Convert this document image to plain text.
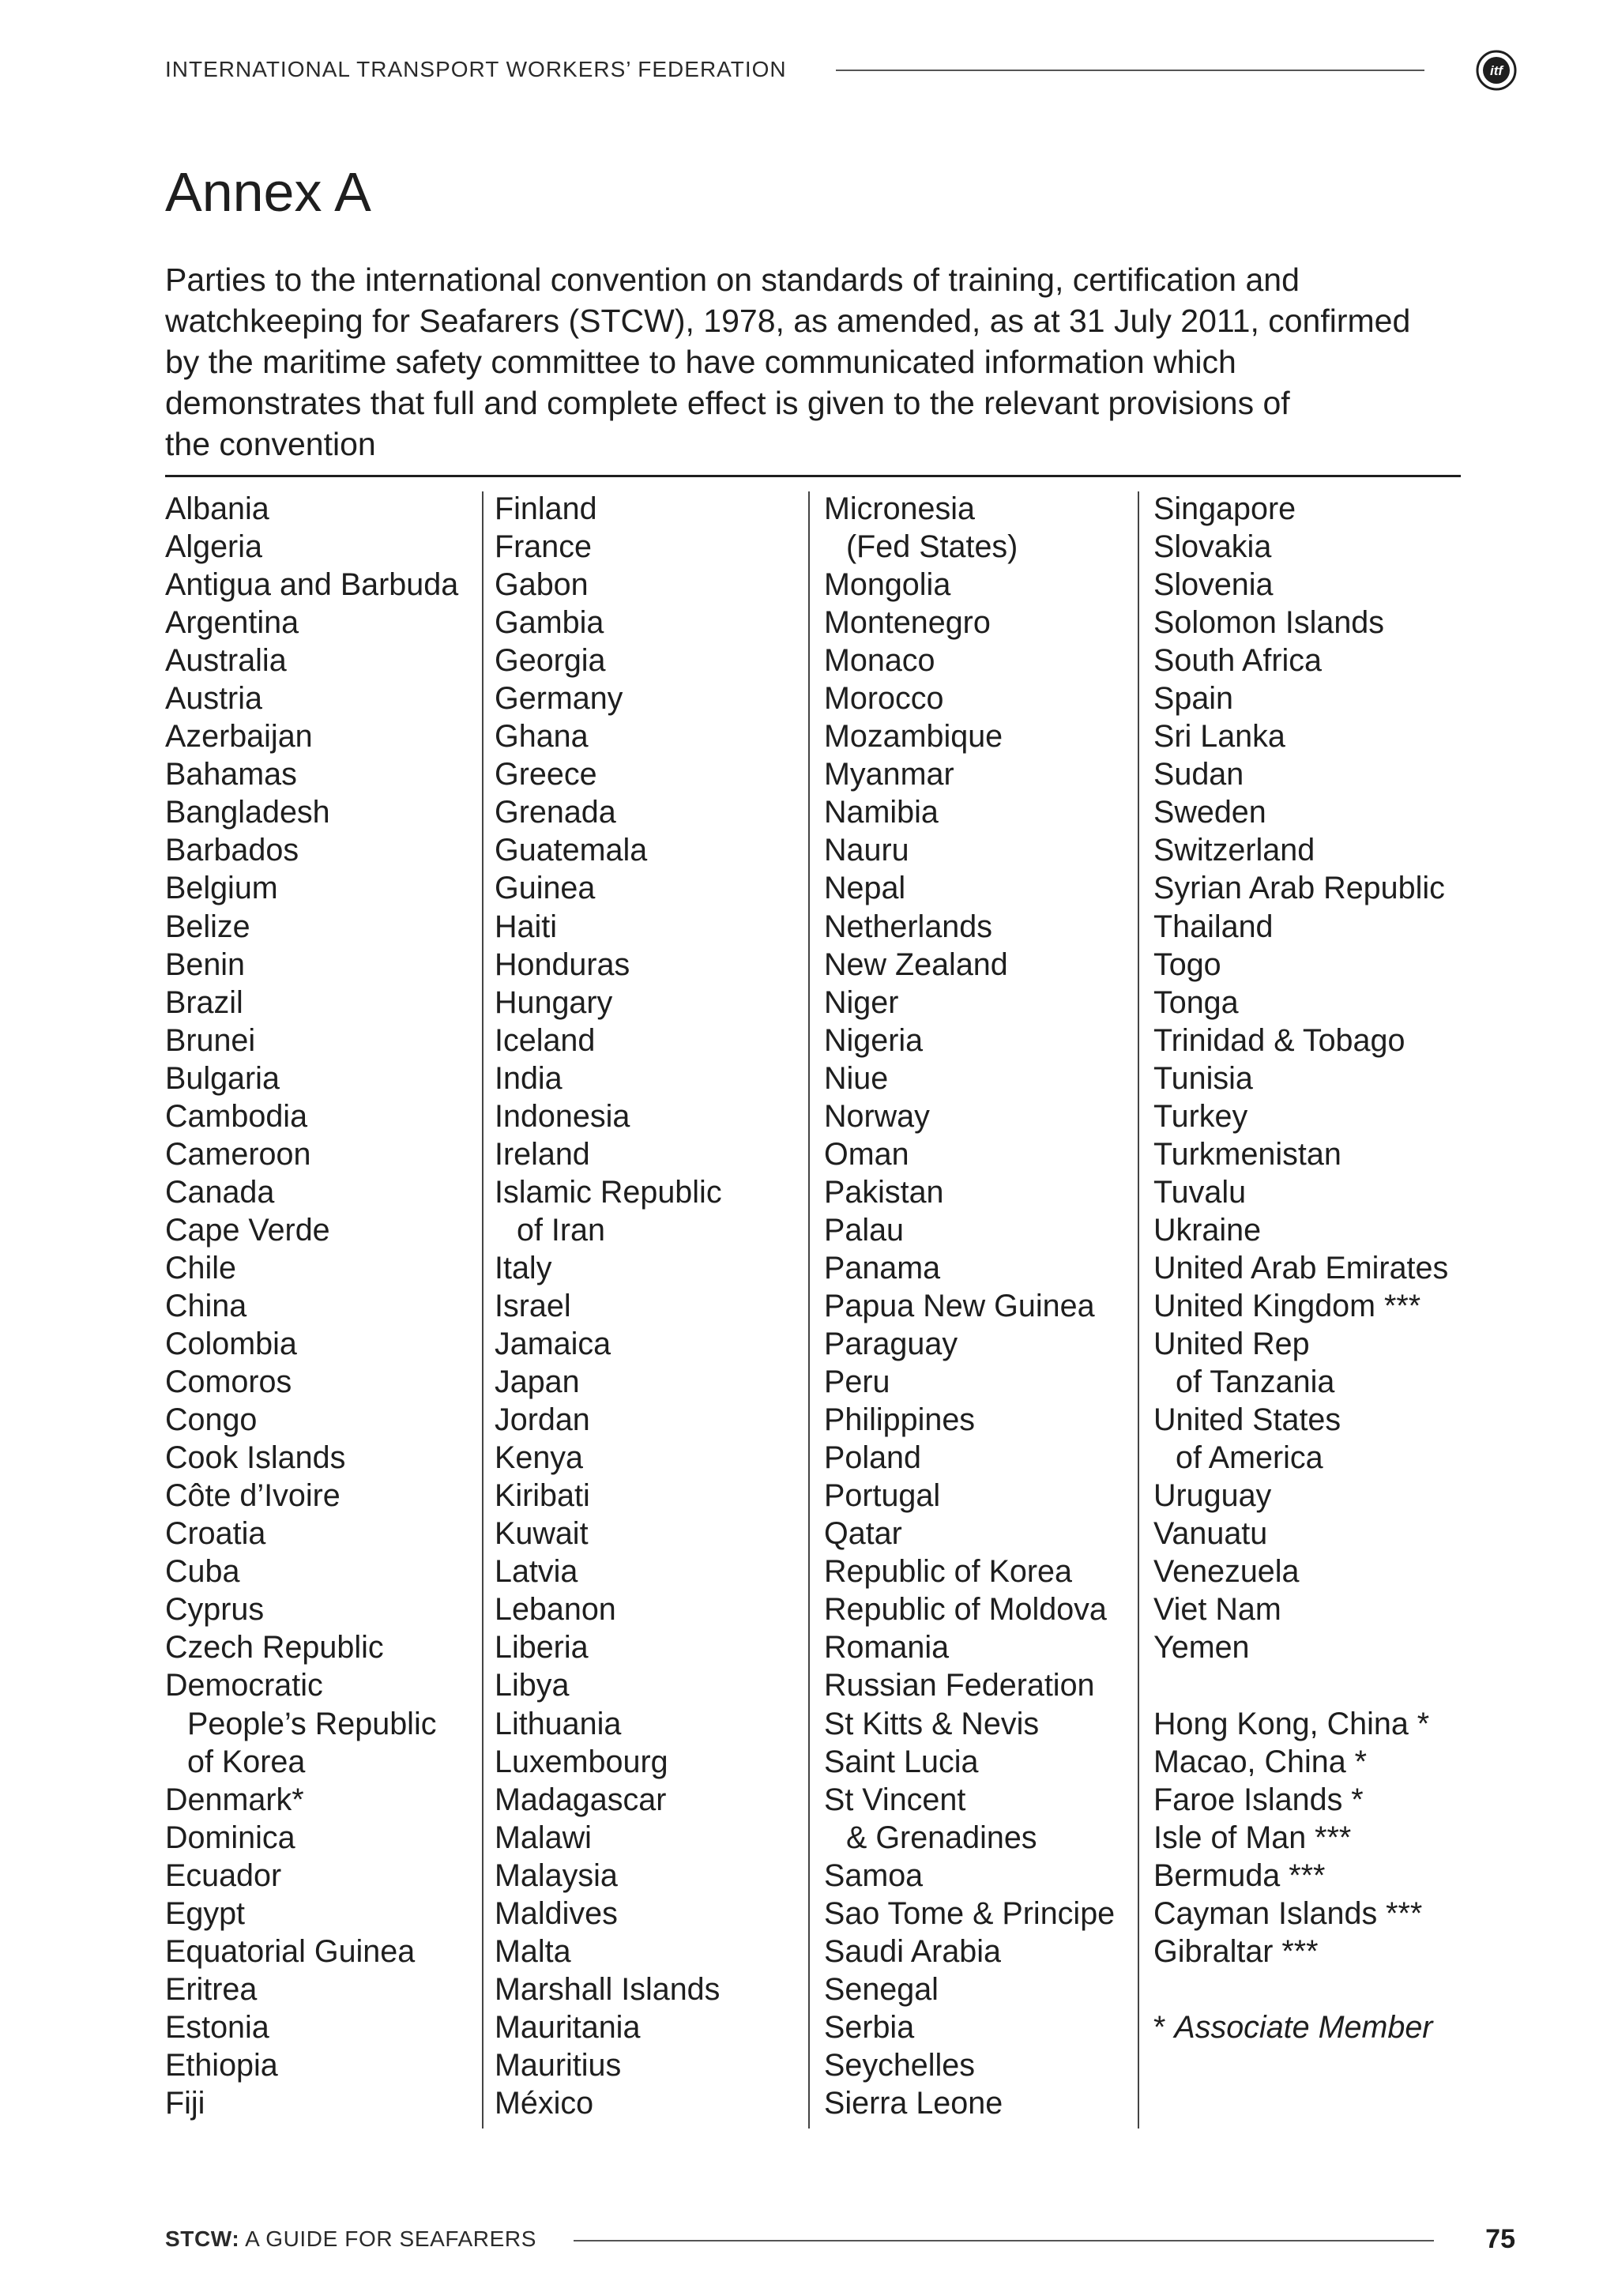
INTERNATIONAL TRANSPORT WORKERS’ FEDERATION	itf
Annex A
Parties to the international convention on standards of training, certification and
watchkeeping for Seafarers (STCW), 1978, as amended, as at 31 July 2011, confirmed
by the maritime safety committee to have communicated information which
demonstrates that full and complete effect is given to the relevant provisions of
the convention
Albania
Algeria
Antigua and Barbuda
Argentina
Australia
Austria
Azerbaijan
Bahamas
Bangladesh
Barbados
Belgium
Belize
Benin
Brazil
Brunei
Bulgaria
Cambodia
Cameroon
Canada
Cape Verde
Chile
China
Colombia
Comoros
Congo
Cook Islands
Côte d’Ivoire
Croatia
Cuba
Cyprus
Czech Republic
Democratic
People’s Republic
of Korea
Denmark*
Dominica
Ecuador
Egypt
Equatorial Guinea
Eritrea
Estonia
Ethiopia
Fiji
Finland
France
Gabon
Gambia
Georgia
Germany
Ghana
Greece
Grenada
Guatemala
Guinea
Haiti
Honduras
Hungary
Iceland
India
Indonesia
Ireland
Islamic Republic
of Iran
Italy
Israel
Jamaica
Japan
Jordan
Kenya
Kiribati
Kuwait
Latvia
Lebanon
Liberia
Libya
Lithuania
Luxembourg
Madagascar
Malawi
Malaysia
Maldives
Malta
Marshall Islands
Mauritania
Mauritius
México
Micronesia
(Fed States)
Mongolia
Montenegro
Monaco
Morocco
Mozambique
Myanmar
Namibia
Nauru
Nepal
Netherlands
New Zealand
Niger
Nigeria
Niue
Norway
Oman
Pakistan
Palau
Panama
Papua New Guinea
Paraguay
Peru
Philippines
Poland
Portugal
Qatar
Republic of Korea
Republic of Moldova
Romania
Russian Federation
St Kitts & Nevis
Saint Lucia
St Vincent
& Grenadines
Samoa
Sao Tome & Principe
Saudi Arabia
Senegal
Serbia
Seychelles
Sierra Leone
Singapore
Slovakia
Slovenia
Solomon Islands
South Africa
Spain
Sri Lanka
Sudan
Sweden
Switzerland
Syrian Arab Republic
Thailand
Togo
Tonga
Trinidad & Tobago
Tunisia
Turkey
Turkmenistan
Tuvalu
Ukraine
United Arab Emirates
United Kingdom ***
United Rep
of Tanzania
United States
of America
Uruguay
Vanuatu
Venezuela
Viet Nam
Yemen
Hong Kong, China *
Macao, China *
Faroe Islands *
Isle of Man ***
Bermuda ***
Cayman Islands ***
Gibraltar ***
* Associate Member
STCW: A GUIDE FOR SEAFARERS	75
